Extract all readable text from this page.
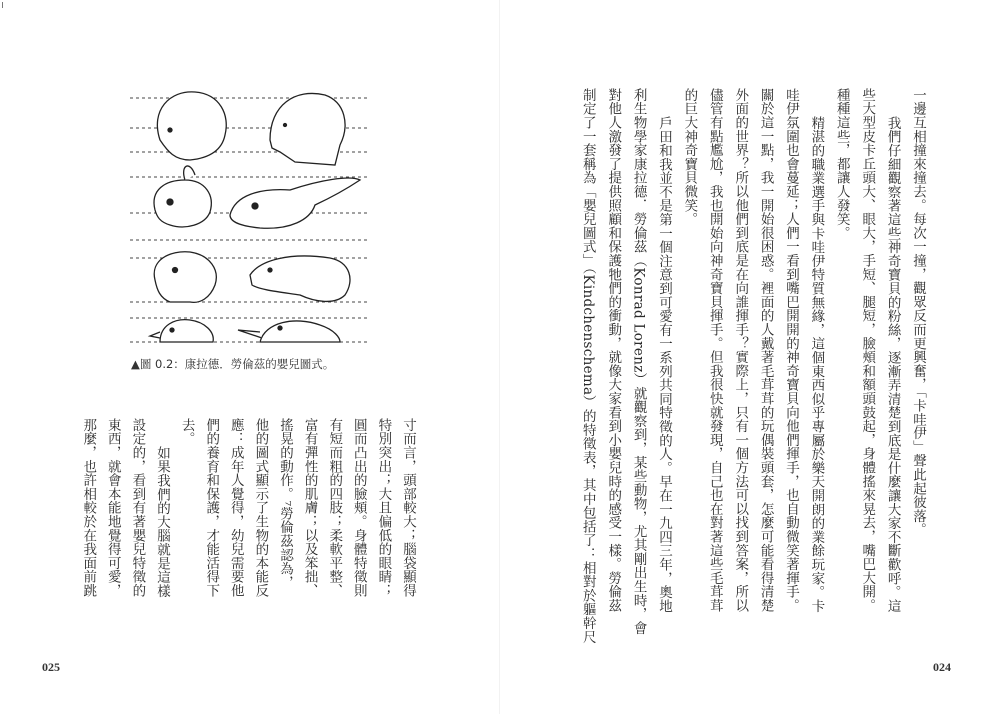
▲圖 0.2：康拉德．勞倫茲的嬰兒圖式。
寸而言，頭部較大；腦袋顯得
特別突出；大且偏低的眼睛；
圓而凸出的臉頰。身體特徵則
有短而粗的四肢；柔軟平整、
富有彈性的肌膚；以及笨拙、
搖晃的動作。⁷勞倫茲認為，
他的圖式顯示了生物的本能反
應：成年人覺得，幼兒需要他
們的養育和保護，才能活得下
去。
如果我們的大腦就是這樣
設定的，看到有著嬰兒特徵的
東西，就會本能地覺得可愛，
那麼，也許相較於在我面前跳
025
一邊互相撞來撞去。每次一撞，觀眾反而更興奮，「卡哇伊」聲此起彼落。
我們仔細觀察著這些神奇寶貝的粉絲，逐漸弄清楚到底是什麼讓大家不斷歡呼。這
些大型皮卡丘頭大、眼大，手短、腿短，臉頰和額頭鼓起，身體搖來晃去，嘴巴大開。
種種這些，都讓人發笑。
精湛的職業選手與卡哇伊特質無緣，這個東西似乎專屬於樂天開朗的業餘玩家。卡
哇伊氛圍也會蔓延；人們一看到嘴巴開開的神奇寶貝向他們揮手，也自動微笑著揮手。
關於這一點，我一開始很困惑。裡面的人戴著毛茸茸的玩偶裝頭套，怎麼可能看得清楚
外面的世界？所以他們到底是在向誰揮手？實際上，只有一個方法可以找到答案，所以
儘管有點尷尬，我也開始向神奇寶貝揮手。但我很快就發現，自己也在對著這些毛茸茸
的巨大神奇寶貝微笑。
戶田和我並不是第一個注意到可愛有一系列共同特徵的人。早在一九四三年，奧地
利生物學家康拉德．勞倫茲（Konrad Lorenz）就觀察到，某些動物，尤其剛出生時，會
對他人激發了提供照顧和保護牠們的衝動，就像大家看到小嬰兒時的感受一樣。勞倫茲
制定了一套稱為「嬰兒圖式」（Kindchenschema）的特徵表，其中包括了：相對於軀幹尺
024
